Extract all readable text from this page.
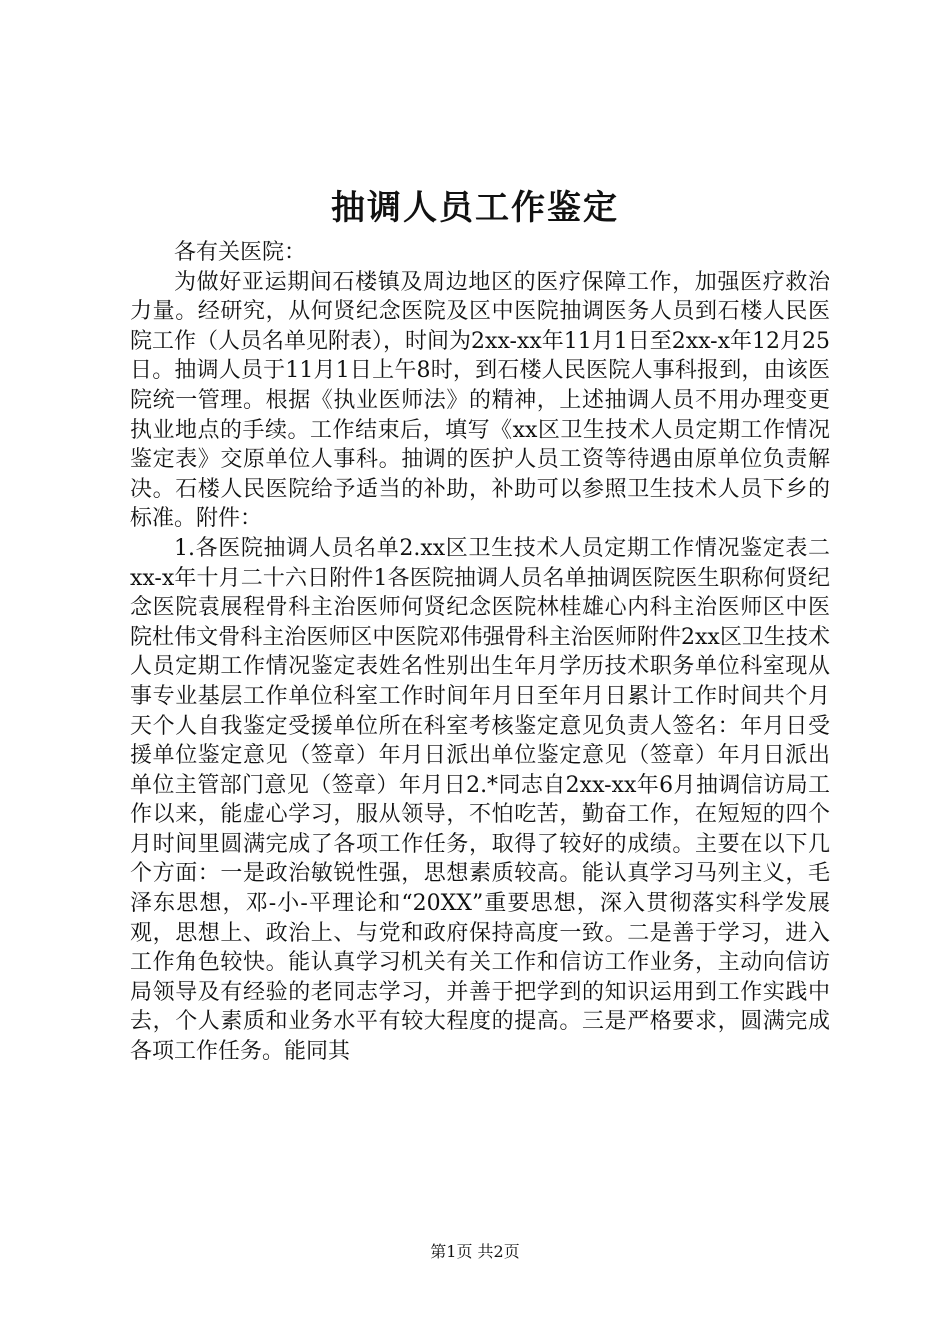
抽调人员工作鉴定

各有关医院：

为做好亚运期间石楼镇及周边地区的医疗保障工作，加强医疗救治力量。经研究，从何贤纪念医院及区中医院抽调医务人员到石楼人民医院工作（人员名单见附表），时间为2xx-xx年11月1日至2xx-x年12月25日。抽调人员于11月1日上午8时，到石楼人民医院人事科报到，由该医院统一管理。根据《执业医师法》的精神，上述抽调人员不用办理变更执业地点的手续。工作结束后，填写《xx区卫生技术人员定期工作情况鉴定表》交原单位人事科。抽调的医护人员工资等待遇由原单位负责解决。石楼人民医院给予适当的补助，补助可以参照卫生技术人员下乡的标准。附件：

1.各医院抽调人员名单2.xx区卫生技术人员定期工作情况鉴定表二xx-x年十月二十六日附件1各医院抽调人员名单抽调医院医生职称何贤纪念医院袁展程骨科主治医师何贤纪念医院林桂雄心内科主治医师区中医院杜伟文骨科主治医师区中医院邓伟强骨科主治医师附件2xx区卫生技术人员定期工作情况鉴定表姓名性别出生年月学历技术职务单位科室现从事专业基层工作单位科室工作时间年月日至年月日累计工作时间共个月天个人自我鉴定受援单位所在科室考核鉴定意见负责人签名：年月日受援单位鉴定意见（签章）年月日派出单位鉴定意见（签章）年月日派出单位主管部门意见（签章）年月日2.*同志自2xx-xx年6月抽调信访局工作以来，能虚心学习，服从领导，不怕吃苦，勤奋工作，在短短的四个月时间里圆满完成了各项工作任务，取得了较好的成绩。主要在以下几个方面：一是政治敏锐性强，思想素质较高。能认真学习马列主义，毛泽东思想，邓-小-平理论和“20XX”重要思想，深入贯彻落实科学发展观，思想上、政治上、与党和政府保持高度一致。二是善于学习，进入工作角色较快。能认真学习机关有关工作和信访工作业务，主动向信访局领导及有经验的老同志学习，并善于把学到的知识运用到工作实践中去，个人素质和业务水平有较大程度的提高。三是严格要求，圆满完成各项工作任务。能同其

第1页 共2页
